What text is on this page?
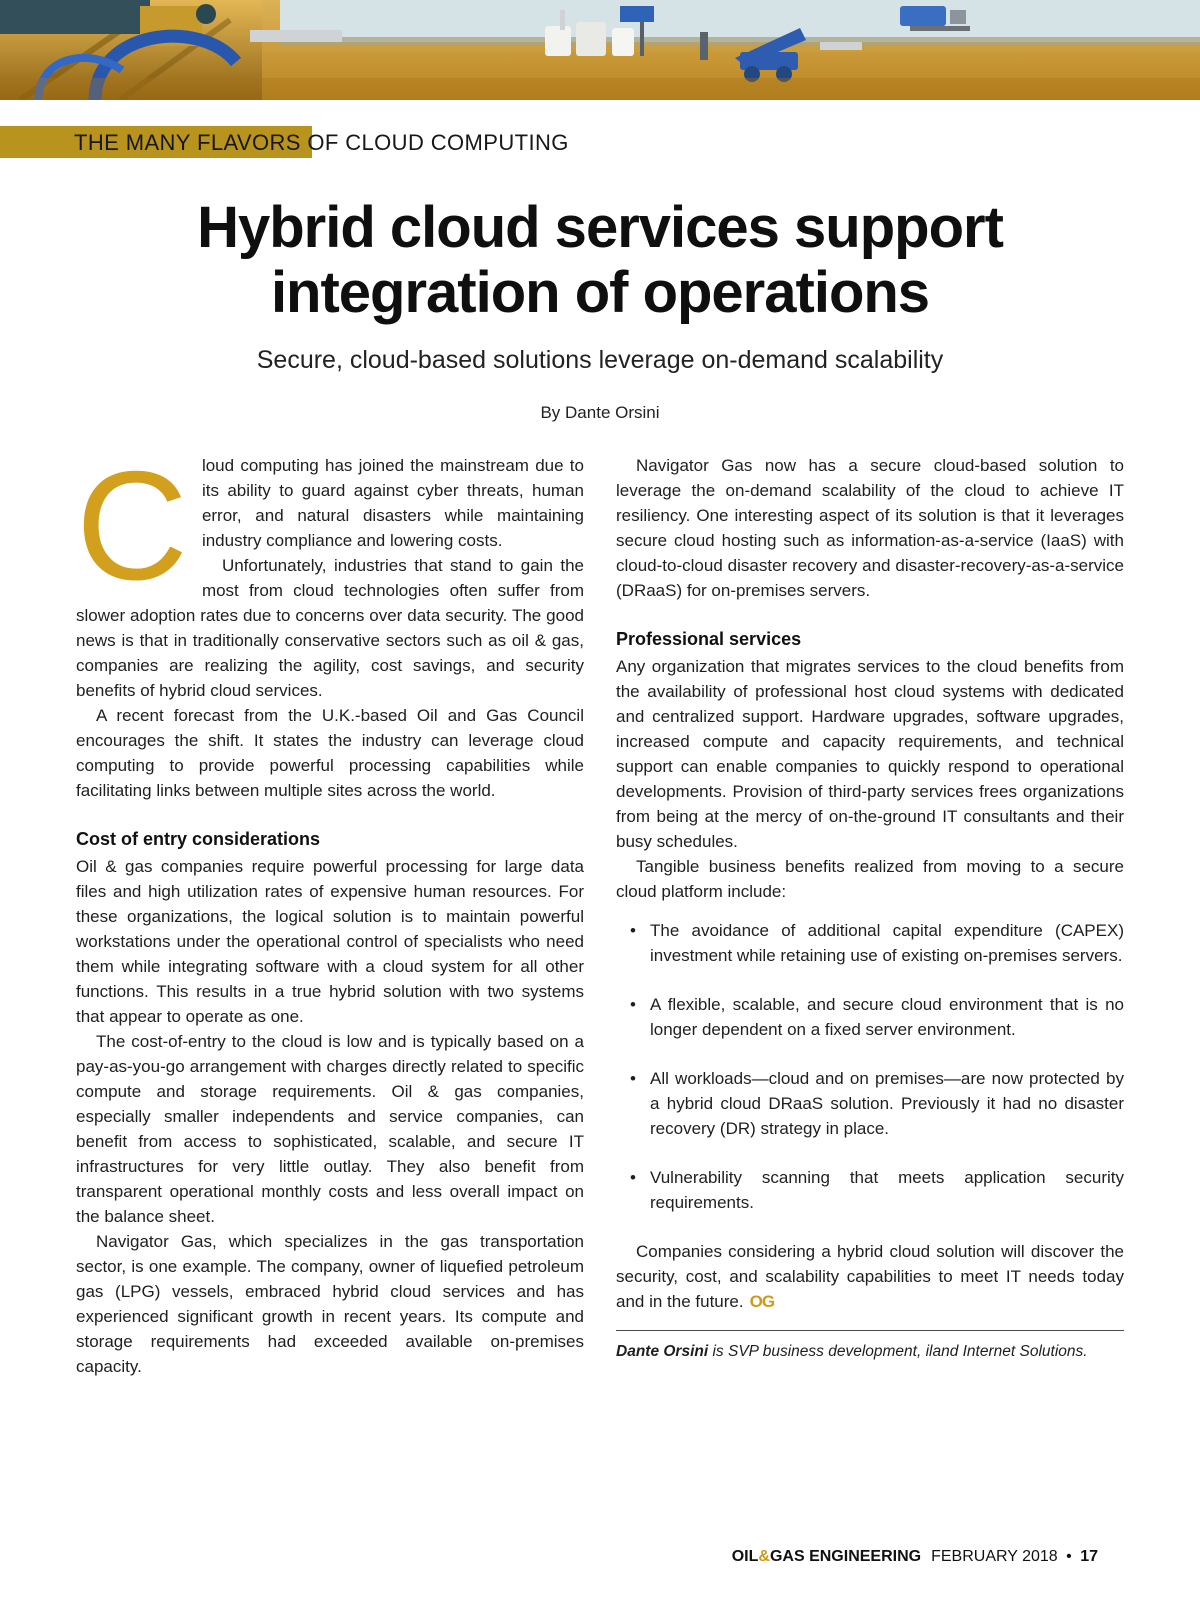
THE MANY FLAVORS OF CLOUD COMPUTING
Hybrid cloud services support
integration of operations
Secure, cloud-based solutions leverage on-demand scalability
By Dante Orsini

Cloud computing has joined the mainstream due to its ability to guard against cyber threats, human error, and natural disasters while maintaining industry compliance and lowering costs.

Unfortunately, industries that stand to gain the most from cloud technologies often suffer from slower adoption rates due to concerns over data security. The good news is that in traditionally conservative sectors such as oil & gas, companies are realizing the agility, cost savings, and security benefits of hybrid cloud services.

A recent forecast from the U.K.-based Oil and Gas Council encourages the shift. It states the industry can leverage cloud computing to provide powerful processing capabilities while facilitating links between multiple sites across the world.

Cost of entry considerations

Oil & gas companies require powerful processing for large data files and high utilization rates of expensive human resources. For these organizations, the logical solution is to maintain powerful workstations under the operational control of specialists who need them while integrating software with a cloud system for all other functions. This results in a true hybrid solution with two systems that appear to operate as one.

The cost-of-entry to the cloud is low and is typically based on a pay-as-you-go arrangement with charges directly related to specific compute and storage requirements. Oil & gas companies, especially smaller independents and service companies, can benefit from access to sophisticated, scalable, and secure IT infrastructures for very little outlay. They also benefit from transparent operational monthly costs and less overall impact on the balance sheet.

Navigator Gas, which specializes in the gas transportation sector, is one example. The company, owner of liquefied petroleum gas (LPG) vessels, embraced hybrid cloud services and has experienced significant growth in recent years. Its compute and storage requirements had exceeded available on-premises capacity.

Navigator Gas now has a secure cloud-based solution to leverage the on-demand scalability of the cloud to achieve IT resiliency. One interesting aspect of its solution is that it leverages secure cloud hosting such as information-as-a-service (IaaS) with cloud-to-cloud disaster recovery and disaster-recovery-as-a-service (DRaaS) for on-premises servers.

Professional services

Any organization that migrates services to the cloud benefits from the availability of professional host cloud systems with dedicated and centralized support. Hardware upgrades, software upgrades, increased compute and capacity requirements, and technical support can enable companies to quickly respond to operational developments. Provision of third-party services frees organizations from being at the mercy of on-the-ground IT consultants and their busy schedules.

Tangible business benefits realized from moving to a secure cloud platform include:

• The avoidance of additional capital expenditure (CAPEX) investment while retaining use of existing on-premises servers.
• A flexible, scalable, and secure cloud environment that is no longer dependent on a fixed server environment.
• All workloads—cloud and on premises—are now protected by a hybrid cloud DRaaS solution. Previously it had no disaster recovery (DR) strategy in place.
• Vulnerability scanning that meets application security requirements.

Companies considering a hybrid cloud solution will discover the security, cost, and scalability capabilities to meet IT needs today and in the future. OG

Dante Orsini is SVP business development, iland Internet Solutions.
OIL&GAS ENGINEERING FEBRUARY 2018 • 17
